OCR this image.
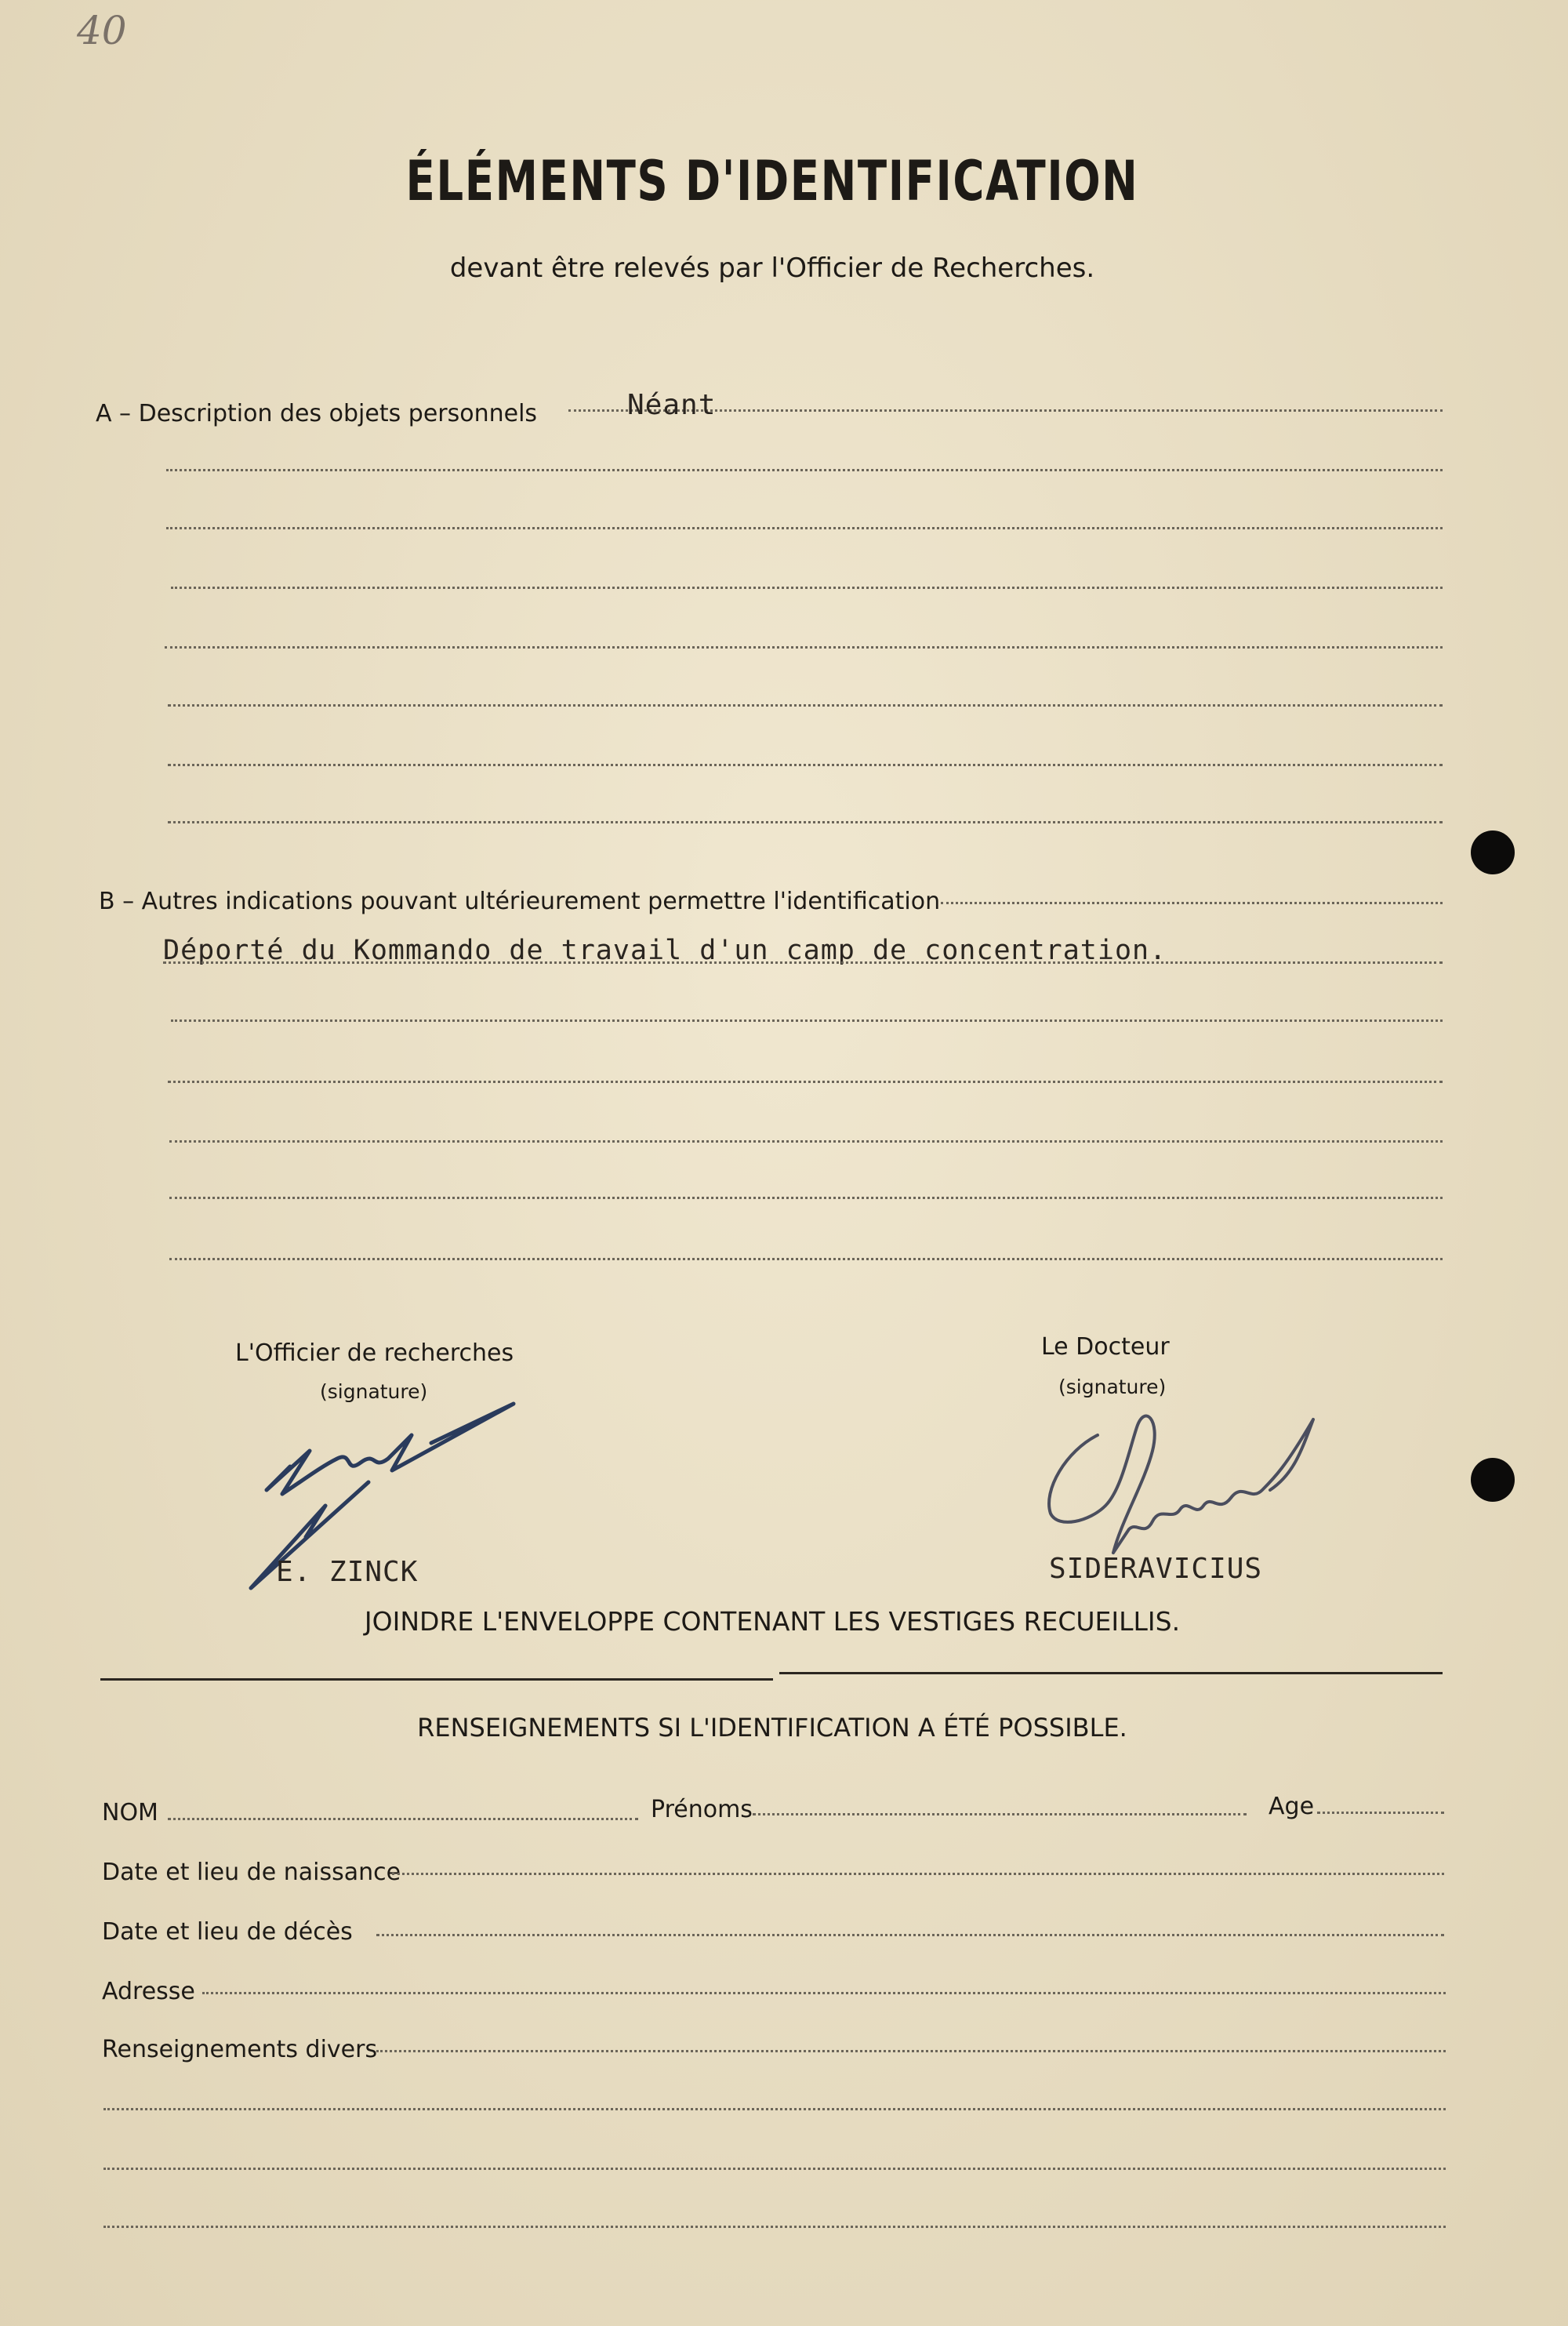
40
ÉLÉMENTS D'IDENTIFICATION
devant être relevés par l'Officier de Recherches.
A – Description des objets personnels	Néant
B – Autres indications pouvant ultérieurement permettre l'identification
Déporté du Kommando de travail d'un camp de concentration.
L'Officier de recherches
(signature)
E. ZINCK
Le Docteur
(signature)
SIDERAVICIUS
JOINDRE L'ENVELOPPE CONTENANT LES VESTIGES RECUEILLIS.
RENSEIGNEMENTS SI L'IDENTIFICATION A ÉTÉ POSSIBLE.
NOM	Prénoms	Age
Date et lieu de naissance
Date et lieu de décès
Adresse
Renseignements divers
